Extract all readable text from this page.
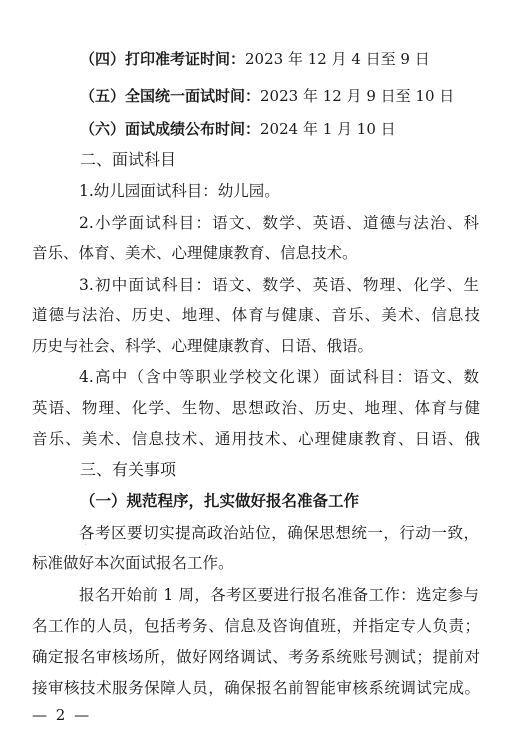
（四）打印准考证时间：2023 年 12 月 4 日至 9 日
（五）全国统一面试时间：2023 年 12 月 9 日至 10 日
（六）面试成绩公布时间：2024 年 1 月 10 日
二、面试科目
1.幼儿园面试科目：幼儿园。
2.小学面试科目：语文、数学、英语、道德与法治、科
音乐、体育、美术、心理健康教育、信息技术。
3.初中面试科目：语文、数学、英语、物理、化学、生
道德与法治、历史、地理、体育与健康、音乐、美术、信息技
历史与社会、科学、心理健康教育、日语、俄语。
4.高中（含中等职业学校文化课）面试科目：语文、数
英语、物理、化学、生物、思想政治、历史、地理、体育与健
音乐、美术、信息技术、通用技术、心理健康教育、日语、俄
三、有关事项
（一）规范程序，扎实做好报名准备工作
各考区要切实提高政治站位，确保思想统一，行动一致，
标准做好本次面试报名工作。
报名开始前 1 周，各考区要进行报名准备工作：选定参与
名工作的人员，包括考务、信息及咨询值班，并指定专人负责；
确定报名审核场所，做好网络调试、考务系统账号测试；提前对
接审核技术服务保障人员，确保报名前智能审核系统调试完成。
— 2 —
